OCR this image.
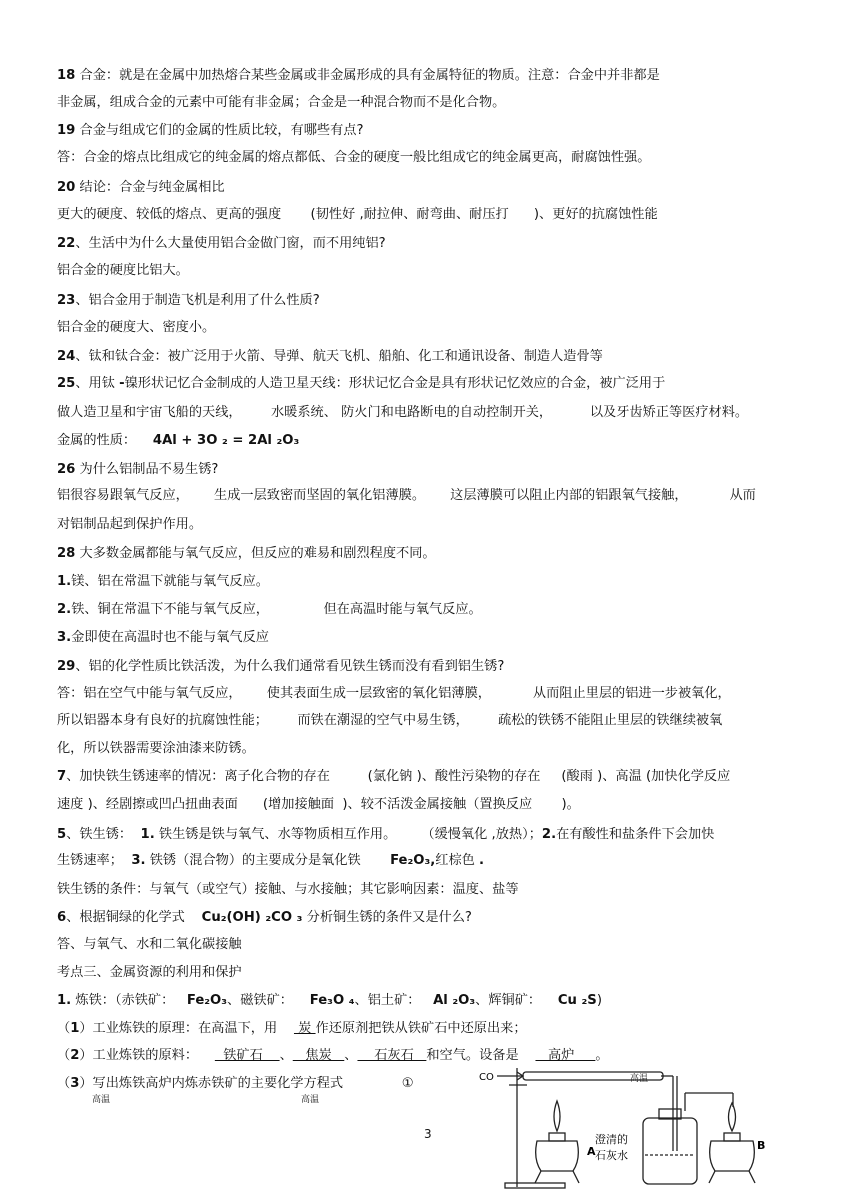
18 合金：就是在金属中加热熔合某些金属或非金属形成的具有金属特征的物质。注意：合金中并非都是
非金属，组成合金的元素中可能有非金属；合金是一种混合物而不是化合物。
19 合金与组成它们的金属的性质比较，有哪些有点?
答：合金的熔点比组成它的纯金属的熔点都低、合金的硬度一般比组成它的纯金属更高，耐腐蚀性强。
20 结论：合金与纯金属相比
更大的硬度、较低的熔点、更高的强度       (韧性好 ,耐拉伸、耐弯曲、耐压打      )、更好的抗腐蚀性能
22、生活中为什么大量使用铝合金做门窗，而不用纯铝?
铝合金的硬度比铝大。
23、铝合金用于制造飞机是利用了什么性质?
铝合金的硬度大、密度小。
24、钛和钛合金：被广泛用于火箭、导弹、航天飞机、船舶、化工和通讯设备、制造人造骨等
25、用钛 -镍形状记忆合金制成的人造卫星天线：形状记忆合金是具有形状记忆效应的合金，被广泛用于
做人造卫星和宇宙飞船的天线，       水暖系统、 防火门和电路断电的自动控制开关，         以及牙齿矫正等医疗材料。
金属的性质：    4Al + 3O ₂ = 2Al ₂O₃
26 为什么铝制品不易生锈?
铝很容易跟氧气反应，      生成一层致密而坚固的氧化铝薄膜。      这层薄膜可以阻止内部的铝跟氧气接触，          从而
对铝制品起到保护作用。
28 大多数金属都能与氧气反应，但反应的难易和剧烈程度不同。
1.镁、铝在常温下就能与氧气反应。
2.铁、铜在常温下不能与氧气反应，             但在高温时能与氧气反应。
3.金即使在高温时也不能与氧气反应
29、铝的化学性质比铁活泼，为什么我们通常看见铁生锈而没有看到铝生锈?
答：铝在空气中能与氧气反应，      使其表面生成一层致密的氧化铝薄膜，          从而阻止里层的铝进一步被氧化，
所以铝器本身有良好的抗腐蚀性能；       而铁在潮湿的空气中易生锈，       疏松的铁锈不能阻止里层的铁继续被氧
化，所以铁器需要涂油漆来防锈。
7、加快铁生锈速率的情况：离子化合物的存在         (氯化钠 )、酸性污染物的存在     (酸雨 )、高温 (加快化学反应
速度 )、经剧擦或凹凸扭曲表面      (增加接触面  )、较不活泼金属接触（置换反应       )。
5、铁生锈：  1. 铁生锈是铁与氧气、水等物质相互作用。      （缓慢氧化 ,放热）；2.在有酸性和盐条件下会加快
生锈速率；  3. 铁锈（混合物）的主要成分是氧化铁       Fe₂O₃,红棕色 .
铁生锈的条件：与氧气（或空气）接触、与水接触；其它影响因素：温度、盐等
6、根据铜绿的化学式    Cu₂(OH) ₂CO ₃ 分析铜生锈的条件又是什么?
答、与氧气、水和二氧化碳接触
考点三、金属资源的利用和保护
1. 炼铁：（赤铁矿：   Fe₂O₃、磁铁矿：    Fe₃O ₄、铝土矿：   Al ₂O₃、辉铜矿：    Cu ₂S)
（1）工业炼铁的原理：在高温下，用     炭 作还原剂把铁从铁矿石中还原出来；
（2）工业炼铁的原料：      铁矿石    、   焦炭   、    石灰石   和空气。设备是       高炉     。
（3）写出炼铁高炉内炼赤铁矿的主要化学方程式              ①	高温
高温	高温
3
CO
A	B
澄清的
石灰水
